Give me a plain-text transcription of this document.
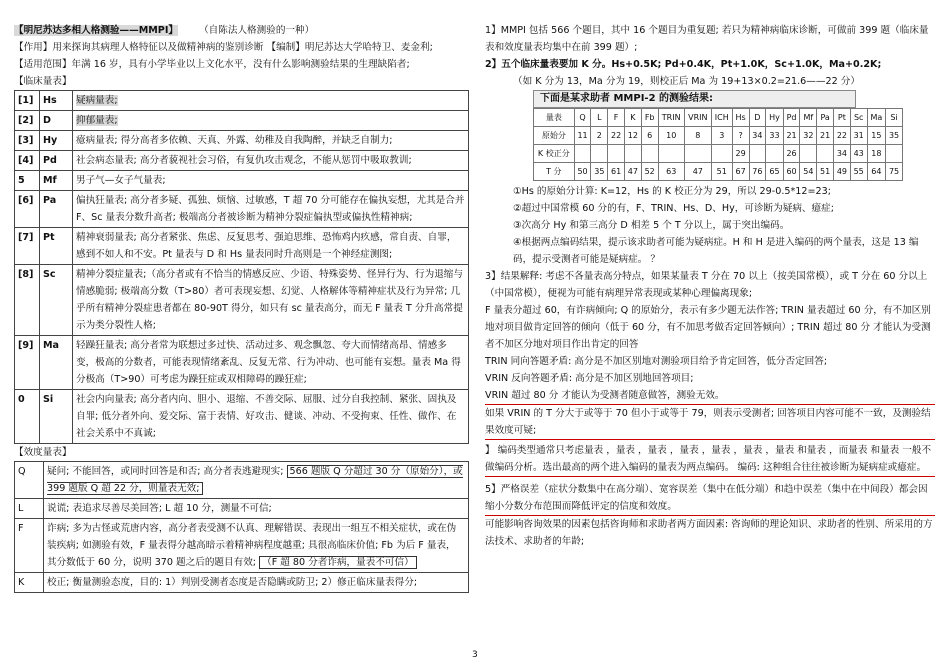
【明尼苏达多相人格测验——MMPI】 （自陈法人格测验的一种）
【作用】用来探询其病理人格特征以及做精神病的鉴别诊断 【编制】明尼苏达大学哈特卫、麦金利;
【适用范围】年满 16 岁，具有小学毕业以上文化水平，没有什么影响测验结果的生理缺陷者;
【临床量表】
[1]	Hs	疑病量表;
[2]	D	抑郁量表;
[3]	Hy	癔病量表; 得分高者多依赖、天真、外露、幼稚及自我陶醉，并缺乏自制力;
[4]	Pd	社会病态量表; 高分者藐视社会习俗，有复仇攻击观念，不能从惩罚中吸取教训;
5	Mf	男子气—女子气量表;
[6]	Pa	偏执狂量表; 高分者多疑、孤独、烦恼、过敏感，T 超 70 分可能存在偏执妄想，尤其是合并 F、Sc 量表分数升高者; 极端高分者被诊断为精神分裂症偏执型或偏执性精神病;
[7]	Pt	精神衰弱量表; 高分者紧张、焦虑、反复思考、强迫思维、恐怖鸡内疚感，常自责、自罪，感到不如人和不安。Pt 量表与 D 和 Hs 量表同时升高则是一个神经症测图;
[8]	Sc	精神分裂症量表;（高分者或有不恰当的情感反应、少语、特殊姿势、怪异行为、行为退缩与情感脆弱; 极端高分数（T>80）者可表现妄想、幻觉、人格解体等精神症状及行为异常; 几乎所有精神分裂症患者都在 80-90T 得分，如只有 sc 量表高分，而无 F 量表 T 分升高常提示为类分裂性人格;
[9]	Ma	轻躁狂量表; 高分者常为联想过多过快、活动过多、观念飘忽、夸大而情绪高昂、情感多变，极高的分数者，可能表现情绪紊乱、反复无常、行为冲动、也可能有妄想。量表 Ma 得分极高（T>90）可考虑为躁狂症或双相障碍的躁狂症;
0	Si	社会内向量表; 高分者内向、胆小、退缩、不善交际、屈服、过分自我控制、紧张、固执及自罪; 低分者外向、爱交际、富于表情、好攻击、健谈、冲动、不受拘束、任性、做作、在社会关系中不真诚;
【效度量表】
Q	疑问; 不能回答，或同时回答是和否; 高分者表逃避现实; 566 题版 Q 分超过 30 分（原始分），或 399 题版 Q 超 22 分，则量表无效;
L	说谎; 表追求尽善尽美回答; L 超 10 分，测量不可信;
F	诈病; 多为古怪或荒唐内容，高分者表受测不认真、理解错误、表现出一组互不相关症状，或在伪装疾病; 如测验有效，F 量表得分越高暗示着精神病程度越重; 具很高临床价值; Fb 为后 F 量表，其分数低于 60 分，说明 370 题之后的题目有效; （F 超 80 分者诈病，量表不可信）
K	校正; 衡量测验态度，目的: 1）判别受测者态度是否隐瞒或防卫; 2）修正临床量表得分;
1】MMPI 包括 566 个题目，其中 16 个题目为重复题; 若只为精神病临床诊断，可做前 399 题（临床量表和效度量表均集中在前 399 题）;
2】五个临床量表要加 K 分。Hs+0.5K; Pd+0.4K，Pt+1.0K，Sc+1.0K，Ma+0.2K;
（如 K 分为 13，Ma 分为 19，则校正后 Ma 为 19+13×0.2=21.6——22 分）
下面是某求助者 MMPI-2 的测验结果:
量表	Q	L	F	K	Fb	TRIN	VRIN	ICH	Hs	D	Hy	Pd	Mf	Pa	Pt	Sc	Ma	Si
原始分	11	2	22	12	6	10	8	3	?	34	33	21	32	21	22	31	15	35
K 校正分									29			26			34	43	18	
T 分	50	35	61	47	52	63	47	51	67	76	65	60	54	51	49	55	64	75
①Hs 的原始分计算: K=12，Hs 的 K 校正分为 29，所以 29-0.5*12=23;
②超过中国常模 60 分的有，F、TRIN、Hs、D、Hy，可诊断为疑病、癔症;
③次高分 Hy 和第三高分 D 相差 5 个 T 分以上，属于突出编码。
④根据两点编码结果，提示该求助者可能为疑病症。H 和 H 是进入编码的两个量表，这是 13 编码，提示受测者可能是疑病症。 ？
3】结果解释: 考虑不各量表高分特点，如果某量表 T 分在 70 以上（按美国常模），或 T 分在 60 分以上（中国常模），便视为可能有病理异常表现或某种心理偏离现象;
F 量表分超过 60，有诈病倾向; Q 的原始分，表示有多少题无法作答; TRIN 量表超过 60 分，有不加区别地对项目做肯定回答的倾向（低于 60 分，有不加思考做否定回答倾向）; TRIN 超过 80 分 才能认为受测者不加区分地对项目作出肯定的回答
TRIN 同向答题矛盾: 高分是不加区别地对测验项目给予肯定回答，低分否定回答;
VRIN 反向答题矛盾: 高分是不加区别地回答项目;
VRIN 超过 80 分 才能认为受测者随意做答，测验无效。
如果 VRIN 的 T 分大于或等于 70 但小于或等于 79，则表示受测者; 回答项目内容可能不一致，及测验结果效度可疑;
】 编码类型通常只考虑量表 ，量表 ，量表 ，量表 ，量表 ，量表 ，量表 和量表 ，而量表 和量表 一般不做编码分析。选出最高的两个进入编码的量表为两点编码。 编码: 这种组合往往被诊断为疑病症或癔症。
5】严格误差（症状分数集中在高分端）、宽容误差（集中在低分端）和趋中误差（集中在中间段）都会因缩小分数分布范围而降低评定的信度和效度。
可能影响咨询效果的因素包括咨询师和求助者两方面因素: 咨询师的理论知识、求助者的性别、所采用的方法技术、求助者的年龄;
3
